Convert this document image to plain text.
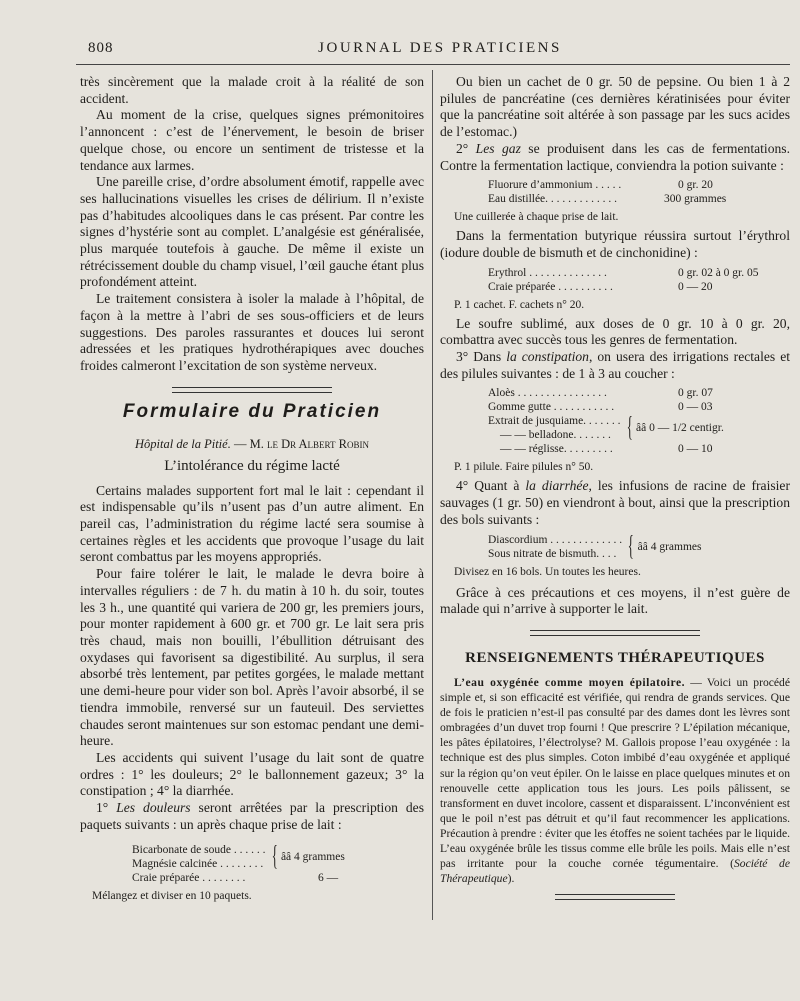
808	JOURNAL DES PRATICIENS

très sincèrement que la malade croit à la réalité de son accident.

Au moment de la crise, quelques signes prémonitoires l’annoncent : c’est de l’énervement, le besoin de briser quelque chose, ou encore un sentiment de tristesse et la tendance aux larmes.

Une pareille crise, d’ordre absolument émotif, rappelle avec ses hallucinations visuelles les crises de délirium. Il n’existe pas d’habitudes alcooliques dans le cas présent. Par contre les signes d’hystérie sont au complet. L’analgésie est généralisée, plus marquée toutefois à gauche. De même il existe un rétrécissement double du champ visuel, l’œil gauche étant plus profondément atteint.

Le traitement consistera à isoler la malade à l’hôpital, de façon à la mettre à l’abri de ses sous-officiers et de leurs suggestions. Des paroles rassurantes et douces lui seront adressées et les pratiques hydrothérapiques avec douches froides calmeront l’excitation de son système nerveux.

Formulaire du Praticien
Hôpital de la Pitié. — M. le Dr Albert Robin
L’intolérance du régime lacté

Certains malades supportent fort mal le lait : cependant il est indispensable qu’ils n’usent pas d’un autre aliment. En pareil cas, l’administration du régime lacté sera soumise à certaines règles et les accidents que provoque l’usage du lait seront combattus par les moyens appropriés.

Pour faire tolérer le lait, le malade le devra boire à intervalles réguliers : de 7 h. du matin à 10 h. du soir, toutes les 3 h., une quantité qui variera de 200 gr, les premiers jours, pour monter rapidement à 600 gr. et 700 gr. Le lait sera pris très chaud, mais non bouilli, l’ébullition détruisant des oxydases qui favorisent sa digestibilité. Au surplus, il sera absorbé très lentement, par petites gorgées, le malade mettant une demi-heure pour vider son bol. Après l’avoir absorbé, il se tiendra immobile, renversé sur un fauteuil. Des serviettes chaudes seront maintenues sur son estomac pendant une demi-heure.

Les accidents qui suivent l’usage du lait sont de quatre ordres : 1° les douleurs; 2° le ballonnement gazeux; 3° la constipation ; 4° la diarrhée.

1° Les douleurs seront arrêtées par la prescription des paquets suivants : un après chaque prise de lait :

Bicarbonate de soude . . . . . .
Magnésie calcinée . . . . . . . . { ââ 4 grammes
Craie préparée . . . . . . . .	6 —
Mélangez et diviser en 10 paquets.

Ou bien un cachet de 0 gr. 50 de pepsine. Ou bien 1 à 2 pilules de pancréatine (ces dernières kératinisées pour éviter que la pancréatine soit altérée à son passage par les sucs acides de l’estomac.)

2° Les gaz se produisent dans les cas de fermentations. Contre la fermentation lactique, conviendra la potion suivante :

Fluorure d’ammonium . . . . .	0 gr. 20
Eau distillée. . . . . . . . . . . . .	300 grammes
Une cuillerée à chaque prise de lait.

Dans la fermentation butyrique réussira surtout l’érythrol (iodure double de bismuth et de cinchonidine) :

Erythrol . . . . . . . . . . . . . .	0 gr. 02 à 0 gr. 05
Craie préparée . . . . . . . . . .	0 — 20
P. 1 cachet. F. cachets n° 20.

Le soufre sublimé, aux doses de 0 gr. 10 à 0 gr. 20, combattra avec succès tous les genres de fermentation.

3° Dans la constipation, on usera des irrigations rectales et des pilules suivantes : de 1 à 3 au coucher :

Aloès . . . . . . . . . . . . . . . .	0 gr. 07
Gomme gutte . . . . . . . . . . .	0 — 03
Extrait de jusquiame. . . . . . .
— — belladone. . . . . . . { ââ 0 — 1/2 centigr.
— — réglisse. . . . . . . . .	0 — 10
P. 1 pilule. Faire pilules n° 50.

4° Quant à la diarrhée, les infusions de racine de fraisier sauvages (1 gr. 50) en viendront à bout, ainsi que la prescription des bols suivants :

Diascordium . . . . . . . . . . . . .
Sous nitrate de bismuth. . . . { ââ 4 grammes
Divisez en 16 bols. Un toutes les heures.

Grâce à ces précautions et ces moyens, il n’est guère de malade qui n’arrive à supporter le lait.

RENSEIGNEMENTS THÉRAPEUTIQUES

L’eau oxygénée comme moyen épilatoire. — Voici un procédé simple et, si son efficacité est vérifiée, qui rendra de grands services. Que de fois le praticien n’est-il pas consulté par des dames dont les lèvres sont ombragées d’un duvet trop fourni ! Que prescrire ? L’épilation mécanique, les pâtes épilatoires, l’électrolyse? M. Gallois propose l’eau oxygénée : la technique est des plus simples. Coton imbibé d’eau oxygénée et appliqué sur la région qu’on veut épiler. On le laisse en place quelques minutes et on renouvelle cette application tous les jours. Les poils pâlissent, se transforment en duvet incolore, cassent et disparaissent. L’inconvénient est que le poil n’est pas détruit et qu’il faut recommencer les applications. Précaution à prendre : éviter que les étoffes ne soient tachées par le liquide. L’eau oxygénée brûle les tissus comme elle brûle les poils. Mais elle n’est pas irritante pour la couche cornée tégumentaire. (Société de Thérapeutique).
